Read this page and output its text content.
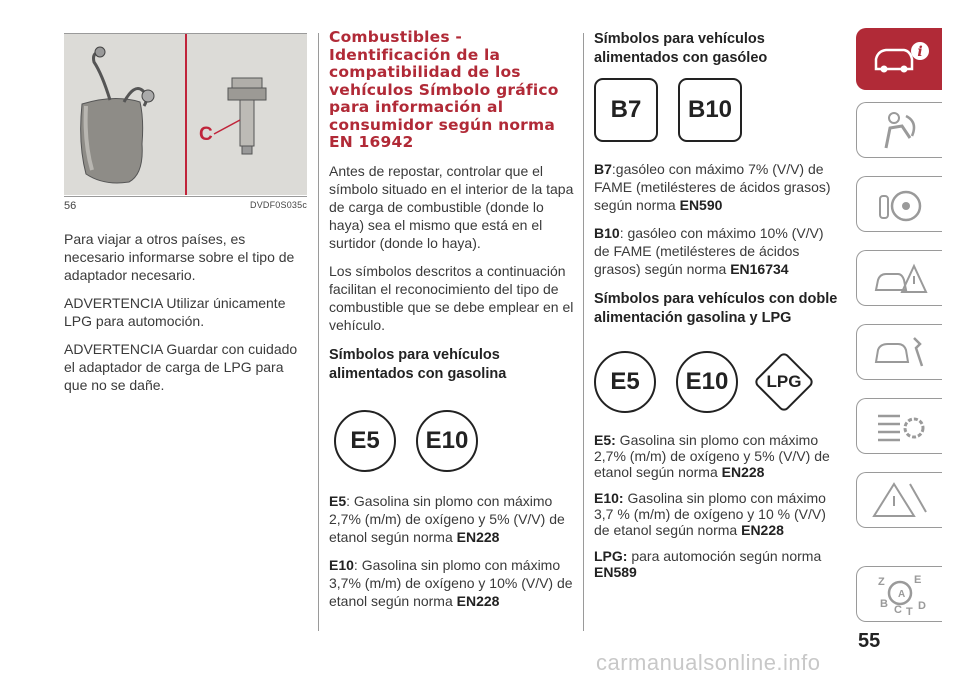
C
56	DVDF0S035c

Para viajar a otros países, es necesario informarse sobre el tipo de adaptador necesario.

ADVERTENCIA Utilizar únicamente LPG para automoción.

ADVERTENCIA Guardar con cuidado el adaptador de carga de LPG para que no se dañe.

Combustibles - Identificación de la compatibilidad de los vehículos Símbolo gráfico para información al consumidor según norma EN 16942

Antes de repostar, controlar que el símbolo situado en el interior de la tapa de carga de combustible (donde lo haya) sea el mismo que está en el surtidor (donde lo haya).

Los símbolos descritos a continuación facilitan el reconocimiento del tipo de combustible que se debe emplear en el vehículo.

Símbolos para vehículos alimentados con gasolina
E5	E10

E5: Gasolina sin plomo con máximo 2,7% (m/m) de oxígeno y 5% (V/V) de etanol según norma EN228

E10: Gasolina sin plomo con máximo 3,7% (m/m) de oxígeno y 10% (V/V) de etanol según norma EN228

Símbolos para vehículos alimentados con gasóleo
B7	B10

B7:gasóleo con máximo 7% (V/V) de FAME (metilésteres de ácidos grasos) según norma EN590

B10: gasóleo con máximo 10% (V/V) de FAME (metilésteres de ácidos grasos) según norma EN16734

Símbolos para vehículos con doble alimentación gasolina y LPG
E5	E10	LPG

E5: Gasolina sin plomo con máximo 2,7% (m/m) de oxígeno y 5% (V/V) de etanol según norma EN228

E10: Gasolina sin plomo con máximo 3,7 % (m/m) de oxígeno y 10 % (V/V) de etanol según norma EN228

LPG: para automoción según norma EN589

i
Z	E
A
B C D
T
55
carmanualsonline.info
